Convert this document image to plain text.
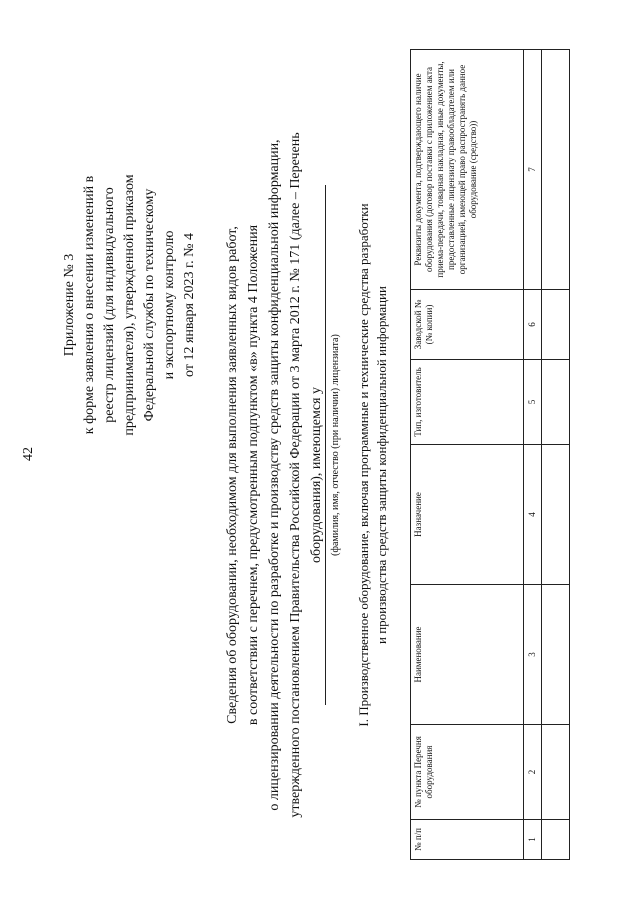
42
Приложение № 3 к форме заявления о внесении изменений в реестр лицензий (для индивидуального предпринимателя), утвержденной приказом Федеральной службы по техническому и экспортному контролю от 12 января 2023 г. № 4 Сведения об оборудовании, необходимом для выполнения заявленных видов работ, в соответствии с перечнем, предусмотренным подпунктом «в» пункта 4 Положения о лицензировании деятельности по разработке и производству средств защиты конфиденциальной информации, утвержденного постановлением Правительства Российской Федерации от 3 марта 2012 г. № 171 (далее – Перечень оборудования), имеющемся у (фамилия, имя, отчество (при наличии) лицензиата) I. Производственное оборудование, включая программные и технические средства разработки и производства средств защиты конфиденциальной информации
№ п/п	№ пункта Перечня оборудования	Наименование	Назначение	Тип, изготовитель	Заводской № (№ копии)	Реквизиты документа, подтверждающего наличие оборудования (договор поставки с приложением акта приема-передачи, товарная накладная, иные документы, предоставленные лицензиату правообладателем или организацией, имеющей право распространять данное оборудование (средство))
1	2	3	4	5	6	7
